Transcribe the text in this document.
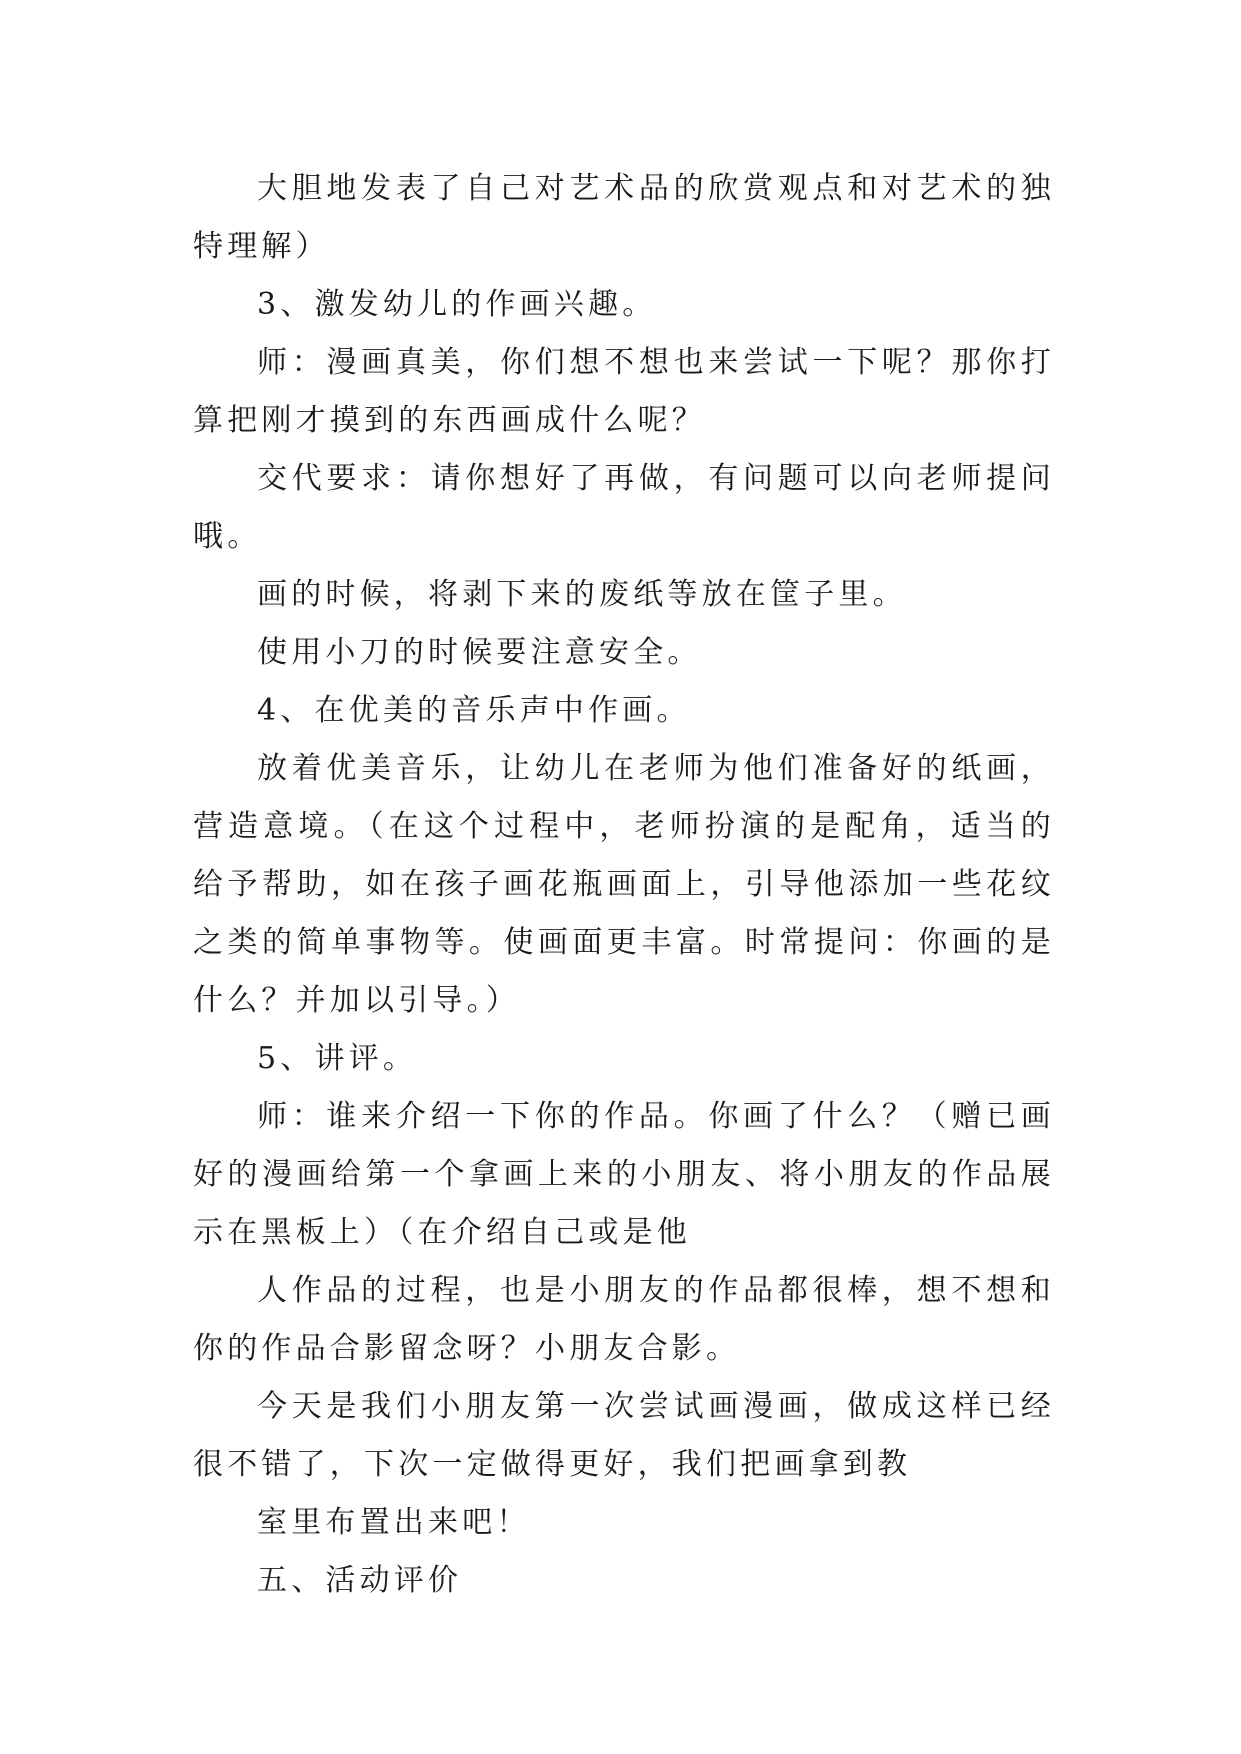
大胆地发表了自己对艺术品的欣赏观点和对艺术的独特理解）

3、激发幼儿的作画兴趣。

师：漫画真美，你们想不想也来尝试一下呢？那你打算把刚才摸到的东西画成什么呢？

交代要求：请你想好了再做，有问题可以向老师提问哦。

画的时候，将剥下来的废纸等放在筐子里。

使用小刀的时候要注意安全。

4、在优美的音乐声中作画。

放着优美音乐，让幼儿在老师为他们准备好的纸画，营造意境。（在这个过程中，老师扮演的是配角，适当的给予帮助，如在孩子画花瓶画面上，引导他添加一些花纹之类的简单事物等。使画面更丰富。时常提问：你画的是什么？并加以引导。）

5、讲评。

师：谁来介绍一下你的作品。你画了什么？（赠已画好的漫画给第一个拿画上来的小朋友、将小朋友的作品展示在黑板上）（在介绍自己或是他

人作品的过程，也是小朋友的作品都很棒，想不想和你的作品合影留念呀？小朋友合影。

今天是我们小朋友第一次尝试画漫画，做成这样已经很不错了，下次一定做得更好，我们把画拿到教

室里布置出来吧！

五、活动评价
